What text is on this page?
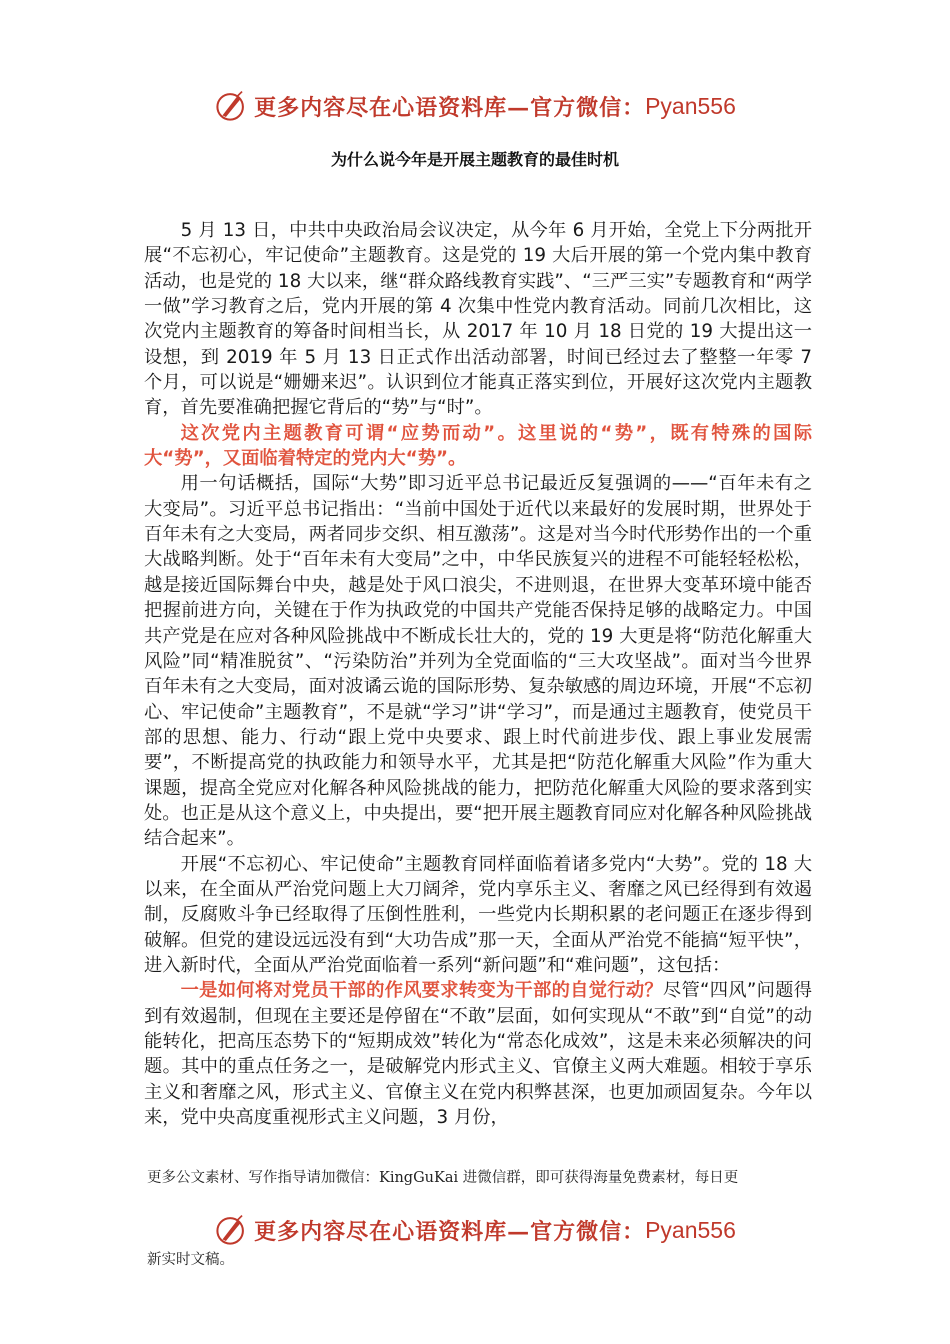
更多内容尽在心语资料库—官方微信： Pyan556
为什么说今年是开展主题教育的最佳时机

5 月 13 日，中共中央政治局会议决定，从今年 6 月开始，全党上下分两批开展“不忘初心，牢记使命”主题教育。这是党的 19 大后开展的第一个党内集中教育活动，也是党的 18 大以来，继“群众路线教育实践”、“三严三实”专题教育和“两学一做”学习教育之后，党内开展的第 4 次集中性党内教育活动。同前几次相比，这次党内主题教育的筹备时间相当长，从 2017 年 10 月 18 日党的 19 大提出这一设想，到 2019 年 5 月 13 日正式作出活动部署，时间已经过去了整整一年零 7 个月，可以说是“姗姗来迟”。认识到位才能真正落实到位，开展好这次党内主题教育，首先要准确把握它背后的“势”与“时”。

这次党内主题教育可谓“应势而动”。这里说的“势”，既有特殊的国际大“势”，又面临着特定的党内大“势”。

用一句话概括，国际“大势”即习近平总书记最近反复强调的——“百年未有之大变局”。习近平总书记指出：“当前中国处于近代以来最好的发展时期，世界处于百年未有之大变局，两者同步交织、相互激荡”。这是对当今时代形势作出的一个重大战略判断。处于“百年未有大变局”之中，中华民族复兴的进程不可能轻轻松松，越是接近国际舞台中央，越是处于风口浪尖，不进则退，在世界大变革环境中能否把握前进方向，关键在于作为执政党的中国共产党能否保持足够的战略定力。中国共产党是在应对各种风险挑战中不断成长壮大的，党的 19 大更是将“防范化解重大风险”同“精准脱贫”、“污染防治”并列为全党面临的“三大攻坚战”。面对当今世界百年未有之大变局，面对波谲云诡的国际形势、复杂敏感的周边环境，开展“不忘初心、牢记使命”主题教育”，不是就“学习”讲“学习”，而是通过主题教育，使党员干部的思想、能力、行动“跟上党中央要求、跟上时代前进步伐、跟上事业发展需要”，不断提高党的执政能力和领导水平，尤其是把“防范化解重大风险”作为重大课题，提高全党应对化解各种风险挑战的能力，把防范化解重大风险的要求落到实处。也正是从这个意义上，中央提出，要“把开展主题教育同应对化解各种风险挑战结合起来”。

开展“不忘初心、牢记使命”主题教育同样面临着诸多党内“大势”。党的 18 大以来，在全面从严治党问题上大刀阔斧，党内享乐主义、奢靡之风已经得到有效遏制，反腐败斗争已经取得了压倒性胜利，一些党内长期积累的老问题正在逐步得到破解。但党的建设远远没有到“大功告成”那一天，全面从严治党不能搞“短平快”，进入新时代，全面从严治党面临着一系列“新问题”和“难问题”，这包括：

一是如何将对党员干部的作风要求转变为干部的自觉行动？尽管“四风”问题得到有效遏制，但现在主要还是停留在“不敢”层面，如何实现从“不敢”到“自觉”的动能转化，把高压态势下的“短期成效”转化为“常态化成效”，这是未来必须解决的问题。其中的重点任务之一，是破解党内形式主义、官僚主义两大难题。相较于享乐主义和奢靡之风，形式主义、官僚主义在党内积弊甚深，也更加顽固复杂。今年以来，党中央高度重视形式主义问题，3 月份，

更多公文素材、写作指导请加微信：KingGuKai 进微信群，即可获得海量免费素材，每日更
更多内容尽在心语资料库—官方微信： Pyan556
新实时文稿。
